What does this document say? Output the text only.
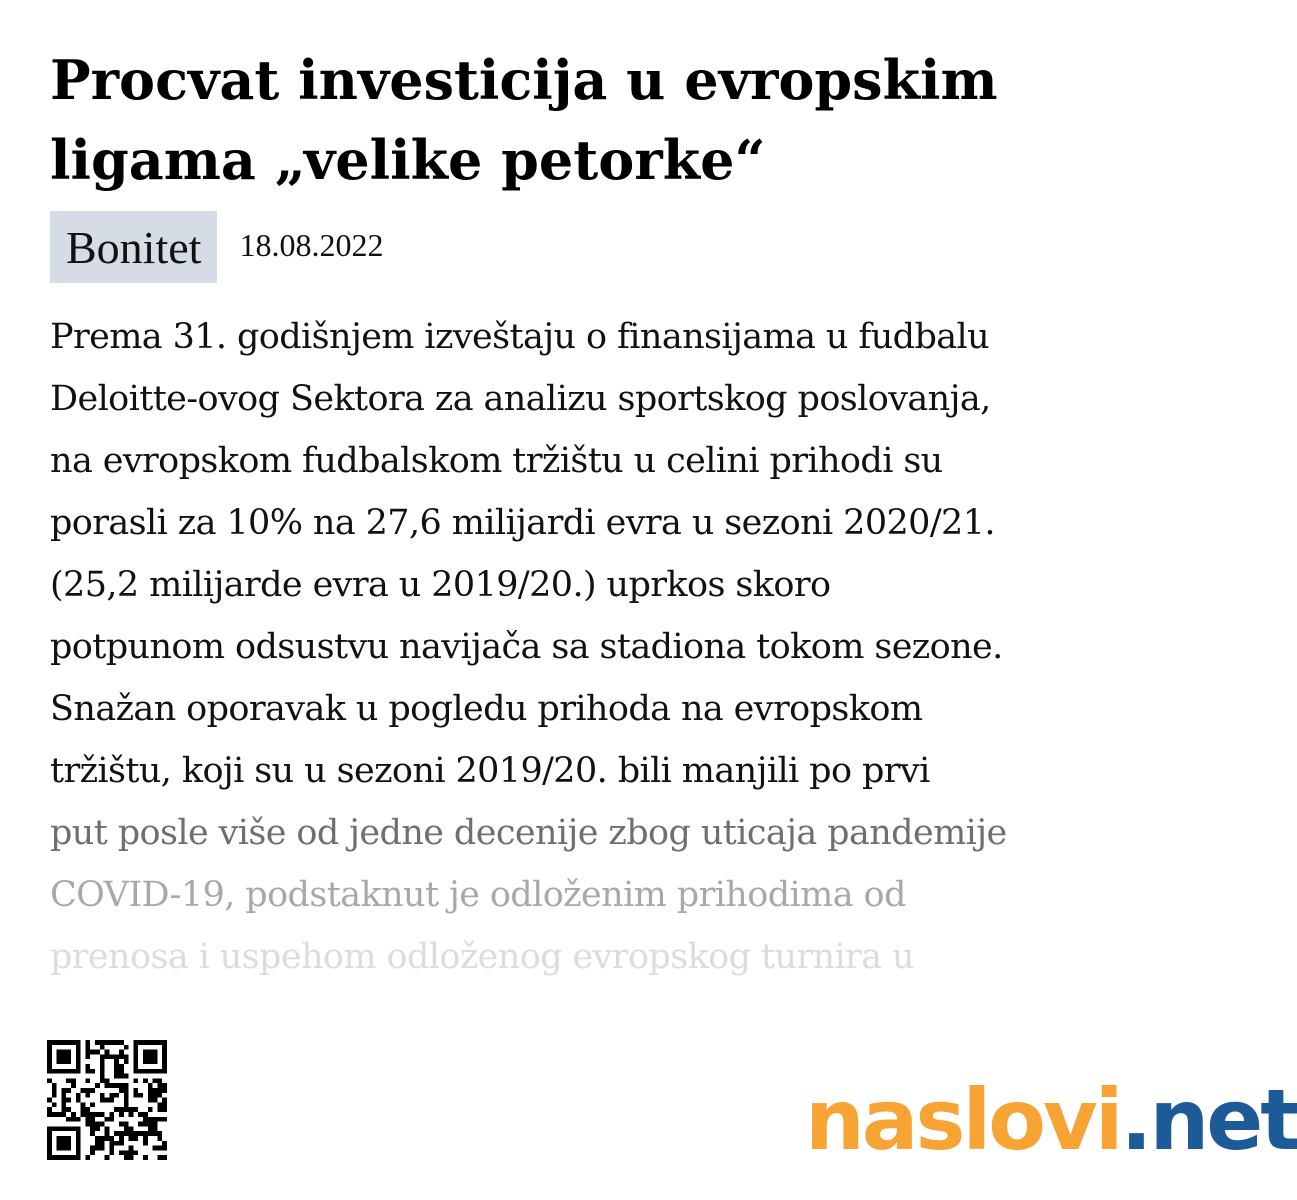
Procvat investicija u evropskim
ligama „velike petorke“
Bonitet	18.08.2022
Prema 31. godišnjem izveštaju o finansijama u fudbalu
Deloitte-ovog Sektora za analizu sportskog poslovanja,
na evropskom fudbalskom tržištu u celini prihodi su
porasli za 10% na 27,6 milijardi evra u sezoni 2020/21.
(25,2 milijarde evra u 2019/20.) uprkos skoro
potpunom odsustvu navijača sa stadiona tokom sezone.
Snažan oporavak u pogledu prihoda na evropskom
tržištu, koji su u sezoni 2019/20. bili manjili po prvi
put posle više od jedne decenije zbog uticaja pandemije
COVID-19, podstaknut je odloženim prihodima od
prenosa i uspehom odloženog evropskog turnira u
naslovi.net
